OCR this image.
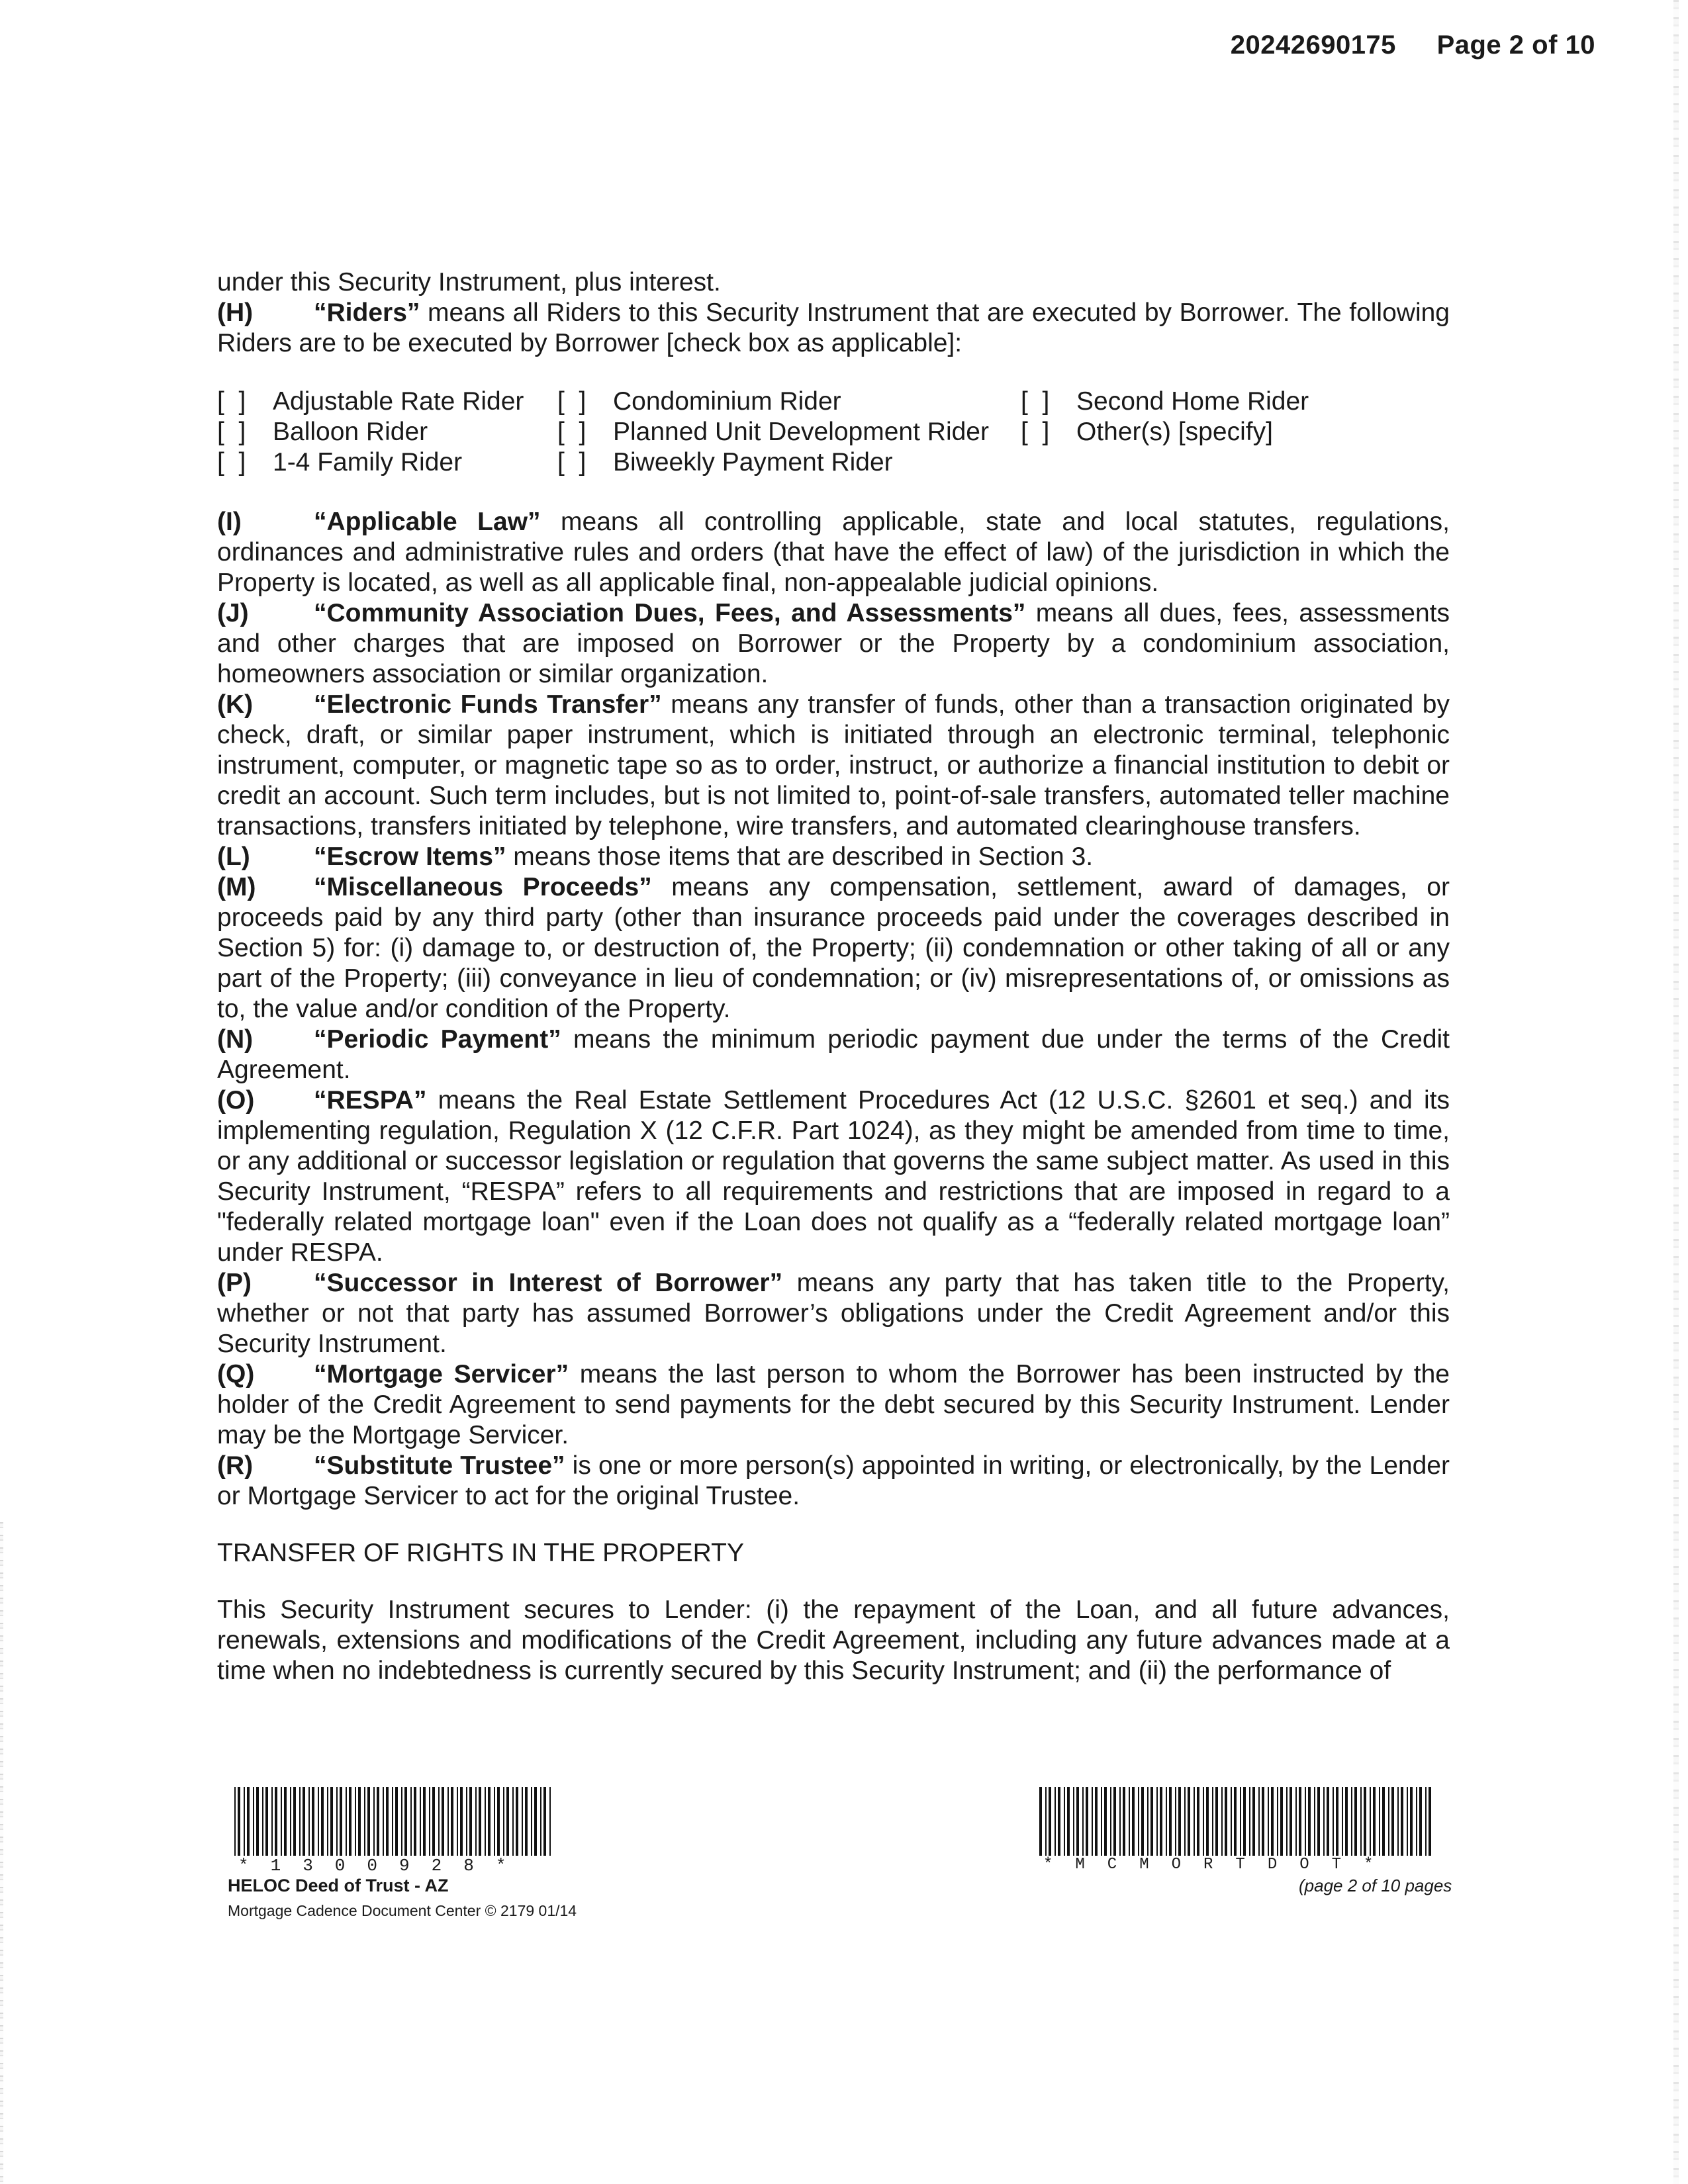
20242690175 Page 2 of 10

under this Security Instrument, plus interest.

(H) “Riders” means all Riders to this Security Instrument that are executed by Borrower. The following Riders are to be executed by Borrower [check box as applicable]:

[  ]	Adjustable Rate Rider	[  ]	Condominium Rider	[  ]	Second Home Rider
[  ]	Balloon Rider	[  ]	Planned Unit Development Rider	[  ]	Other(s) [specify]
[  ]	1-4 Family Rider	[  ]	Biweekly Payment Rider

(I)	“Applicable Law” means all controlling applicable, state and local statutes, regulations, ordinances and administrative rules and orders (that have the effect of law) of the jurisdiction in which the Property is located, as well as all applicable final, non-appealable judicial opinions.

(J)	“Community Association Dues, Fees, and Assessments” means all dues, fees, assessments and other charges that are imposed on Borrower or the Property by a condominium association, homeowners association or similar organization.

(K) “Electronic Funds Transfer” means any transfer of funds, other than a transaction originated by check, draft, or similar paper instrument, which is initiated through an electronic terminal, telephonic instrument, computer, or magnetic tape so as to order, instruct, or authorize a financial institution to debit or credit an account. Such term includes, but is not limited to, point-of-sale transfers, automated teller machine transactions, transfers initiated by telephone, wire transfers, and automated clearinghouse transfers.

(L) “Escrow Items” means those items that are described in Section 3.

(M) “Miscellaneous Proceeds” means any compensation, settlement, award of damages, or proceeds paid by any third party (other than insurance proceeds paid under the coverages described in Section 5) for: (i) damage to, or destruction of, the Property; (ii) condemnation or other taking of all or any part of the Property; (iii) conveyance in lieu of condemnation; or (iv) misrepresentations of, or omissions as to, the value and/or condition of the Property.

(N) “Periodic Payment” means the minimum periodic payment due under the terms of the Credit Agreement.

(O) “RESPA” means the Real Estate Settlement Procedures Act (12 U.S.C. §2601 et seq.) and its implementing regulation, Regulation X (12 C.F.R. Part 1024), as they might be amended from time to time, or any additional or successor legislation or regulation that governs the same subject matter. As used in this Security Instrument, “RESPA” refers to all requirements and restrictions that are imposed in regard to a "federally related mortgage loan" even if the Loan does not qualify as a “federally related mortgage loan” under RESPA.

(P) “Successor in Interest of Borrower” means any party that has taken title to the Property, whether or not that party has assumed Borrower’s obligations under the Credit Agreement and/or this Security Instrument.

(Q) “Mortgage Servicer” means the last person to whom the Borrower has been instructed by the holder of the Credit Agreement to send payments for the debt secured by this Security Instrument. Lender may be the Mortgage Servicer.

(R) “Substitute Trustee” is one or more person(s) appointed in writing, or electronically, by the Lender or Mortgage Servicer to act for the original Trustee.

TRANSFER OF RIGHTS IN THE PROPERTY

This Security Instrument secures to Lender: (i) the repayment of the Loan, and all future advances, renewals, extensions and modifications of the Credit Agreement, including any future advances made at a time when no indebtedness is currently secured by this Security Instrument; and (ii) the performance of

*1300928*	*MCMORTDOT*
HELOC Deed of Trust - AZ
Mortgage Cadence Document Center © 2179 01/14
(page 2 of 10 pages
